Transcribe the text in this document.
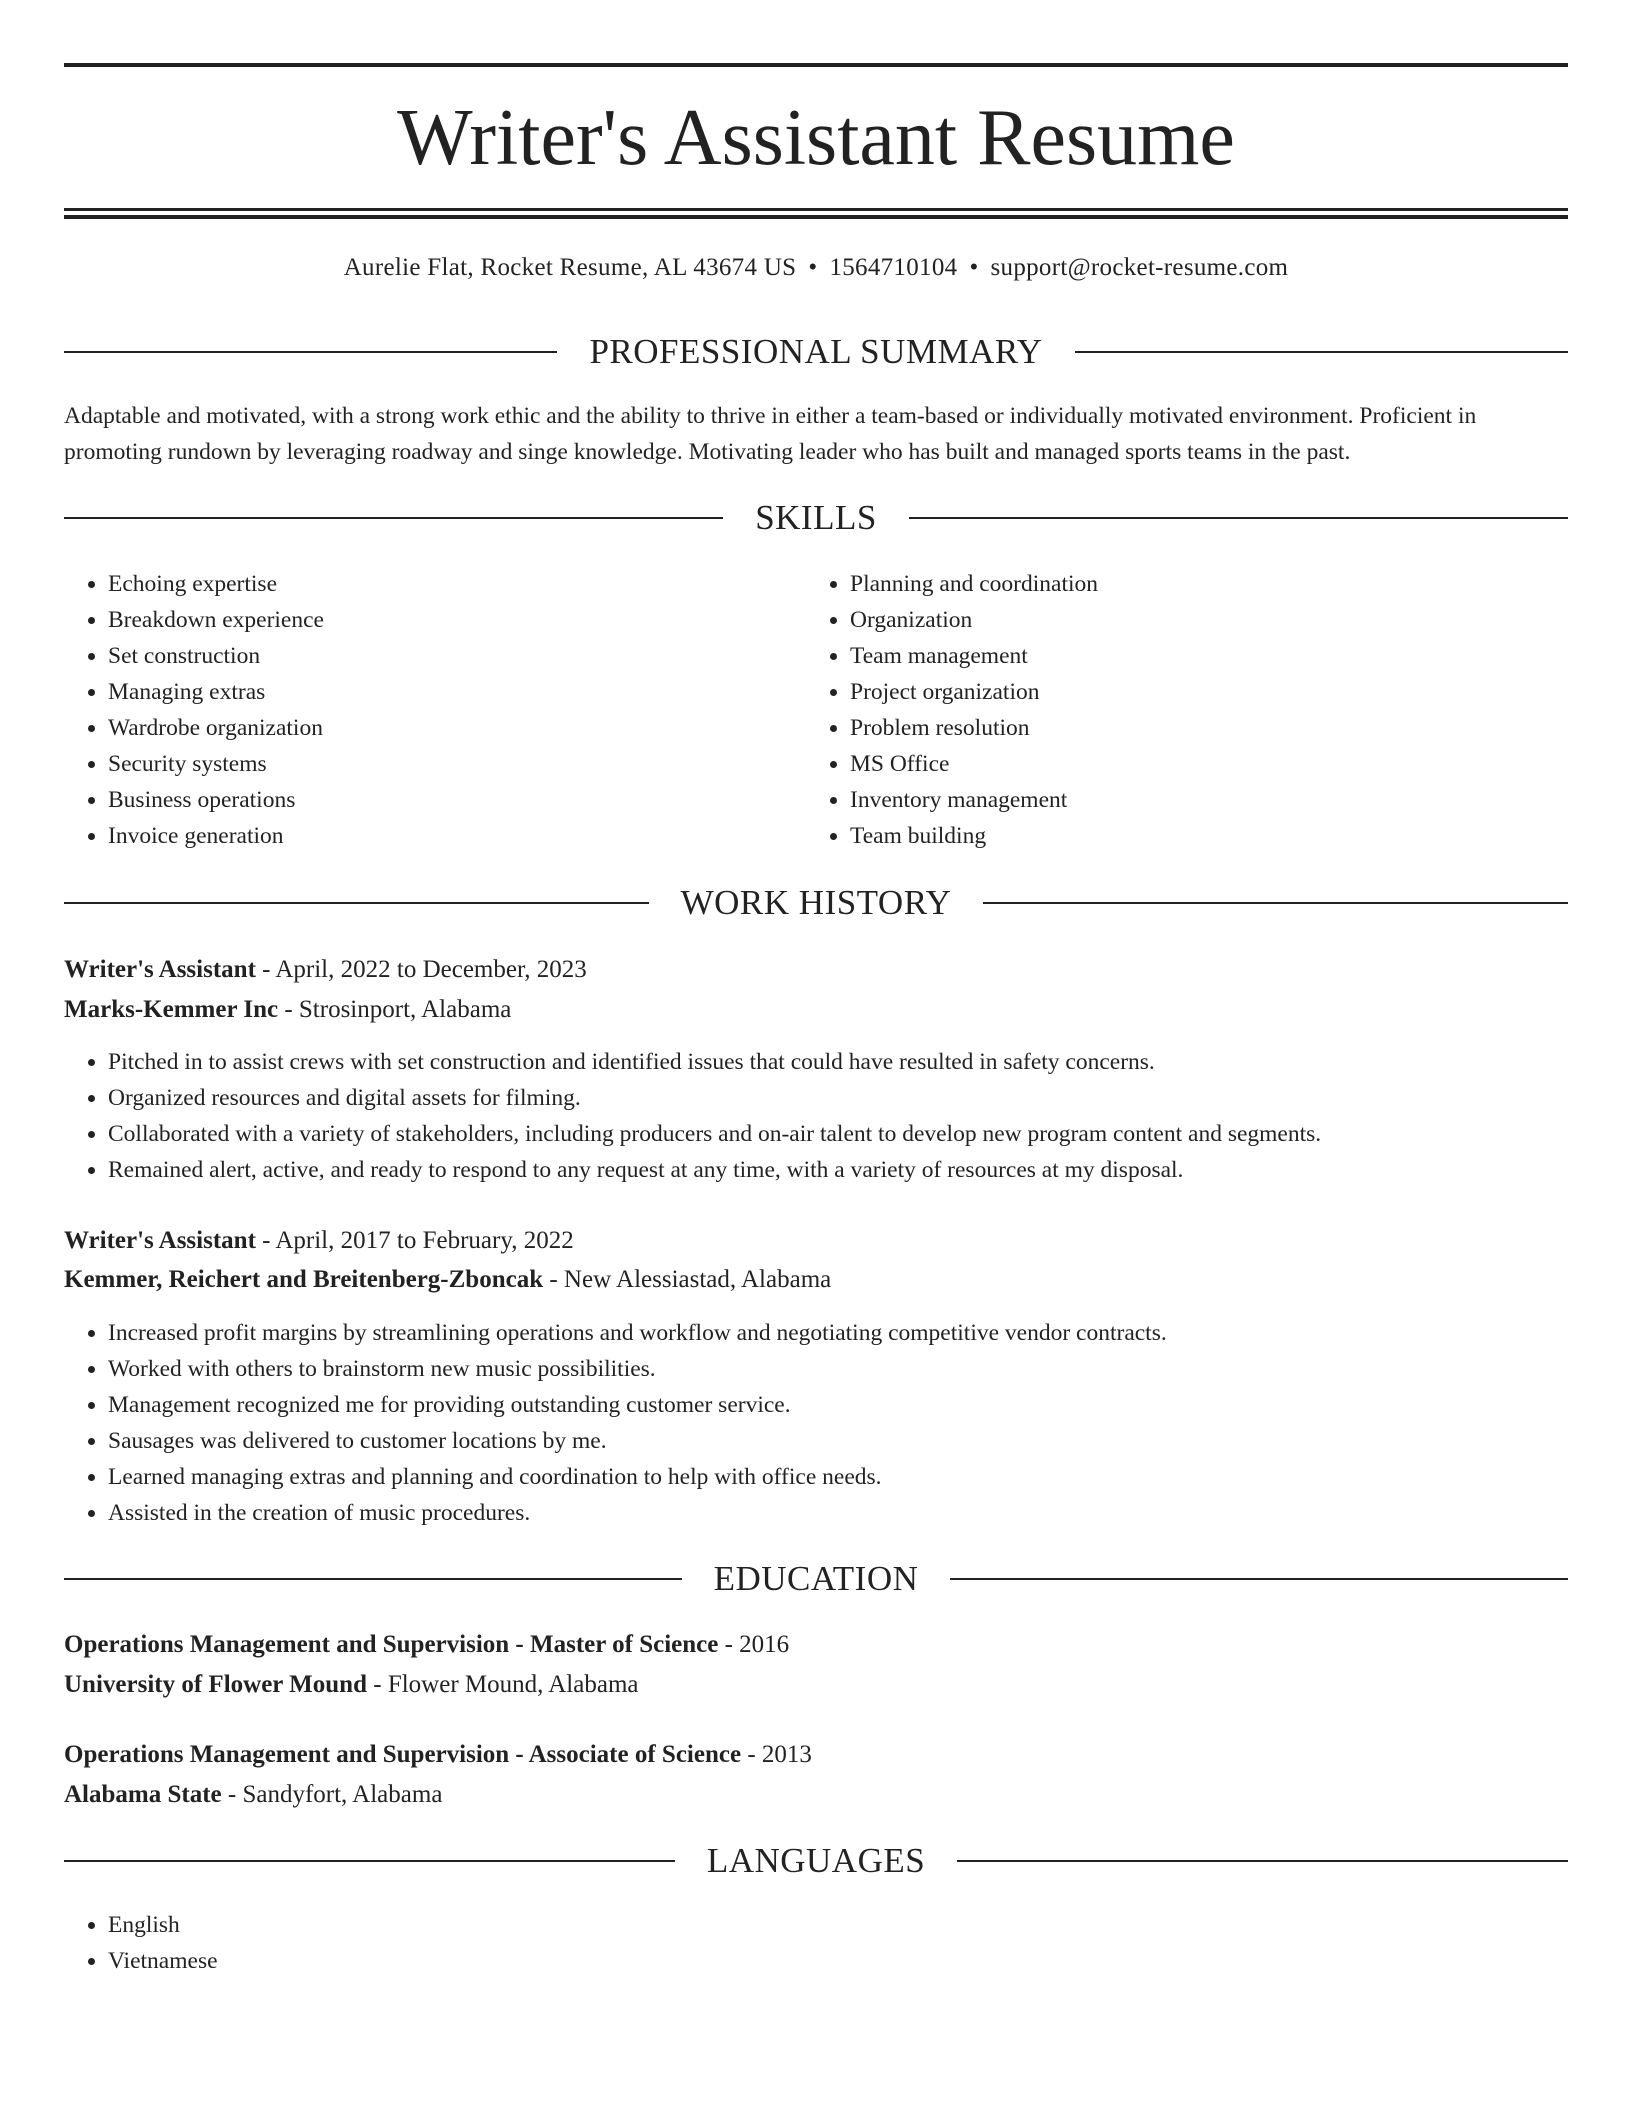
Writer's Assistant Resume
Aurelie Flat, Rocket Resume, AL 43674 US • 1564710104 • support@rocket-resume.com
PROFESSIONAL SUMMARY

Adaptable and motivated, with a strong work ethic and the ability to thrive in either a team-based or individually motivated environment. Proficient in promoting rundown by leveraging roadway and singe knowledge. Motivating leader who has built and managed sports teams in the past.

SKILLS
• Echoing expertise
• Breakdown experience
• Set construction
• Managing extras
• Wardrobe organization
• Security systems
• Business operations
• Invoice generation
• Planning and coordination
• Organization
• Team management
• Project organization
• Problem resolution
• MS Office
• Inventory management
• Team building
WORK HISTORY
Writer's Assistant - April, 2022 to December, 2023
Marks-Kemmer Inc - Strosinport, Alabama
• Pitched in to assist crews with set construction and identified issues that could have resulted in safety concerns.
• Organized resources and digital assets for filming.
• Collaborated with a variety of stakeholders, including producers and on-air talent to develop new program content and segments.
• Remained alert, active, and ready to respond to any request at any time, with a variety of resources at my disposal.
Writer's Assistant - April, 2017 to February, 2022
Kemmer, Reichert and Breitenberg-Zboncak - New Alessiastad, Alabama
• Increased profit margins by streamlining operations and workflow and negotiating competitive vendor contracts.
• Worked with others to brainstorm new music possibilities.
• Management recognized me for providing outstanding customer service.
• Sausages was delivered to customer locations by me.
• Learned managing extras and planning and coordination to help with office needs.
• Assisted in the creation of music procedures.
EDUCATION
Operations Management and Supervision - Master of Science - 2016
University of Flower Mound - Flower Mound, Alabama
Operations Management and Supervision - Associate of Science - 2013
Alabama State - Sandyfort, Alabama
LANGUAGES
• English
• Vietnamese
